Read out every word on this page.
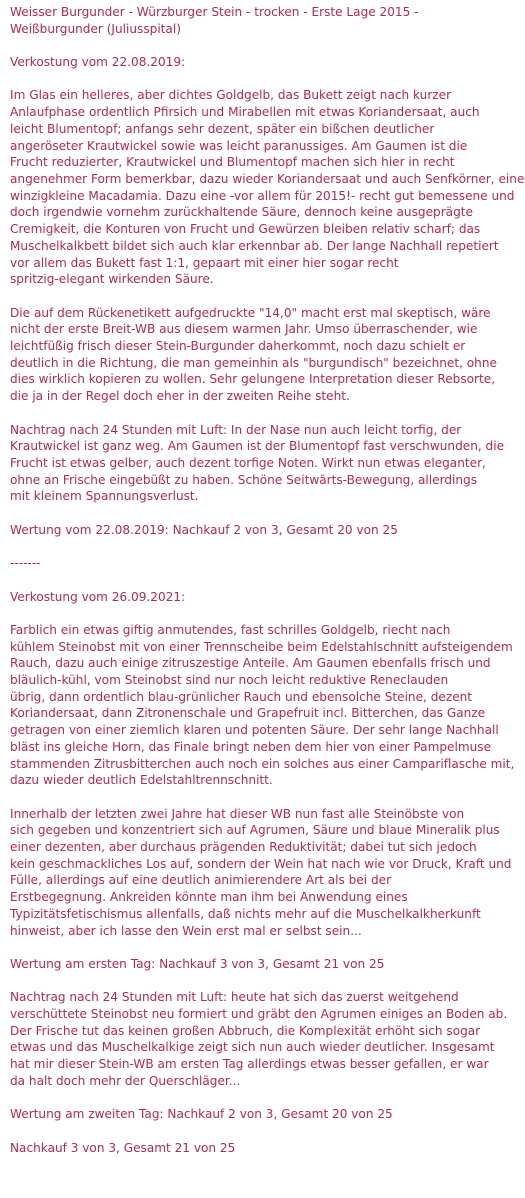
Weisser Burgunder - Würzburger Stein - trocken - Erste Lage 2015 -
Weißburgunder (Juliusspital)
Verkostung vom 22.08.2019:
Im Glas ein helleres, aber dichtes Goldgelb, das Bukett zeigt nach kurzer
Anlaufphase ordentlich Pfirsich und Mirabellen mit etwas Koriandersaat, auch
leicht Blumentopf; anfangs sehr dezent, später ein bißchen deutlicher
angeröseter Krautwickel sowie was leicht paranussiges. Am Gaumen ist die
Frucht reduzierter, Krautwickel und Blumentopf machen sich hier in recht
angenehmer Form bemerkbar, dazu wieder Koriandersaat und auch Senfkörner, eine
winzigkleine Macadamia. Dazu eine -vor allem für 2015!- recht gut bemessene und
doch irgendwie vornehm zurückhaltende Säure, dennoch keine ausgeprägte
Cremigkeit, die Konturen von Frucht und Gewürzen bleiben relativ scharf; das
Muschelkalkbett bildet sich auch klar erkennbar ab. Der lange Nachhall repetiert
vor allem das Bukett fast 1:1, gepaart mit einer hier sogar recht
spritzig-elegant wirkenden Säure.
Die auf dem Rückenetikett aufgedruckte "14,0" macht erst mal skeptisch, wäre
nicht der erste Breit-WB aus diesem warmen Jahr. Umso überraschender, wie
leichtfüßig frisch dieser Stein-Burgunder daherkommt, noch dazu schielt er
deutlich in die Richtung, die man gemeinhin als "burgundisch" bezeichnet, ohne
dies wirklich kopieren zu wollen. Sehr gelungene Interpretation dieser Rebsorte,
die ja in der Regel doch eher in der zweiten Reihe steht.
Nachtrag nach 24 Stunden mit Luft: In der Nase nun auch leicht torfig, der
Krautwickel ist ganz weg. Am Gaumen ist der Blumentopf fast verschwunden, die
Frucht ist etwas gelber, auch dezent torfige Noten. Wirkt nun etwas eleganter,
ohne an Frische eingebüßt zu haben. Schöne Seitwärts-Bewegung, allerdings
mit kleinem Spannungsverlust.
Wertung vom 22.08.2019: Nachkauf 2 von 3, Gesamt 20 von 25
-------
Verkostung vom 26.09.2021:
Farblich ein etwas giftig anmutendes, fast schrilles Goldgelb, riecht nach
kühlem Steinobst mit von einer Trennscheibe beim Edelstahlschnitt aufsteigendem
Rauch, dazu auch einige zitruszestige Anteile. Am Gaumen ebenfalls frisch und
bläulich-kühl, vom Steinobst sind nur noch leicht reduktive Reneclauden
übrig, dann ordentlich blau-grünlicher Rauch und ebensolche Steine, dezent
Koriandersaat, dann Zitronenschale und Grapefruit incl. Bitterchen, das Ganze
getragen von einer ziemlich klaren und potenten Säure. Der sehr lange Nachhall
bläst ins gleiche Horn, das Finale bringt neben dem hier von einer Pampelmuse
stammenden Zitrusbitterchen auch noch ein solches aus einer Campariflasche mit,
dazu wieder deutlich Edelstahltrennschnitt.
Innerhalb der letzten zwei Jahre hat dieser WB nun fast alle Steinöbste von
sich gegeben und konzentriert sich auf Agrumen, Säure und blaue Mineralik plus
einer dezenten, aber durchaus prägenden Reduktivität; dabei tut sich jedoch
kein geschmackliches Los auf, sondern der Wein hat nach wie vor Druck, Kraft und
Fülle, allerdings auf eine deutlich animierendere Art als bei der
Erstbegegnung. Ankreiden könnte man ihm bei Anwendung eines
Typizitätsfetischismus allenfalls, daß nichts mehr auf die Muschelkalkherkunft
hinweist, aber ich lasse den Wein erst mal er selbst sein...
Wertung am ersten Tag: Nachkauf 3 von 3, Gesamt 21 von 25
Nachtrag nach 24 Stunden mit Luft: heute hat sich das zuerst weitgehend
verschüttete Steinobst neu formiert und gräbt den Agrumen einiges an Boden ab.
Der Frische tut das keinen großen Abbruch, die Komplexität erhöht sich sogar
etwas und das Muschelkalkige zeigt sich nun auch wieder deutlicher. Insgesamt
hat mir dieser Stein-WB am ersten Tag allerdings etwas besser gefallen, er war
da halt doch mehr der Querschläger...
Wertung am zweiten Tag: Nachkauf 2 von 3, Gesamt 20 von 25
Nachkauf 3 von 3, Gesamt 21 von 25
